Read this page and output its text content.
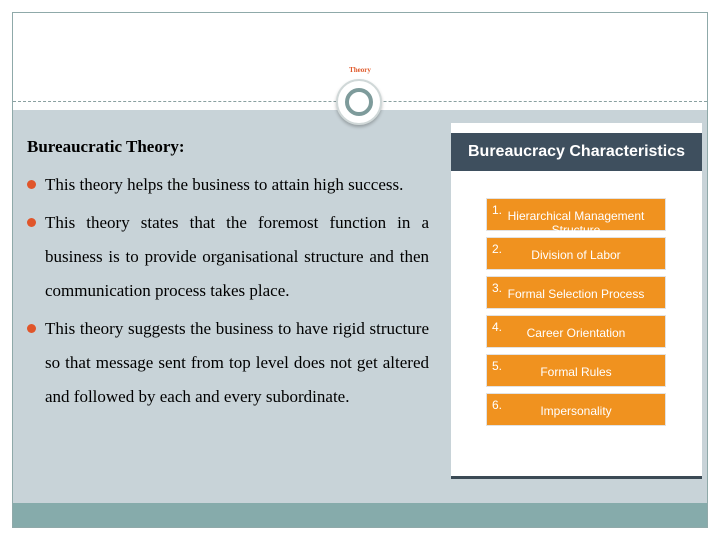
Theory
Bureaucratic Theory:
This theory helps the business to attain high success.
This theory states that the foremost function in a business is to provide organisational structure and then communication process takes place.
This theory suggests the business to have rigid structure so that message sent from top level does not get altered and followed by each and every subordinate.
Bureaucracy Characteristics (Weber)
1. Hierarchical Management Structure
2.	Division of Labor
3. Formal Selection Process
4.	Career Orientation
5.	Formal Rules
6.	Impersonality
